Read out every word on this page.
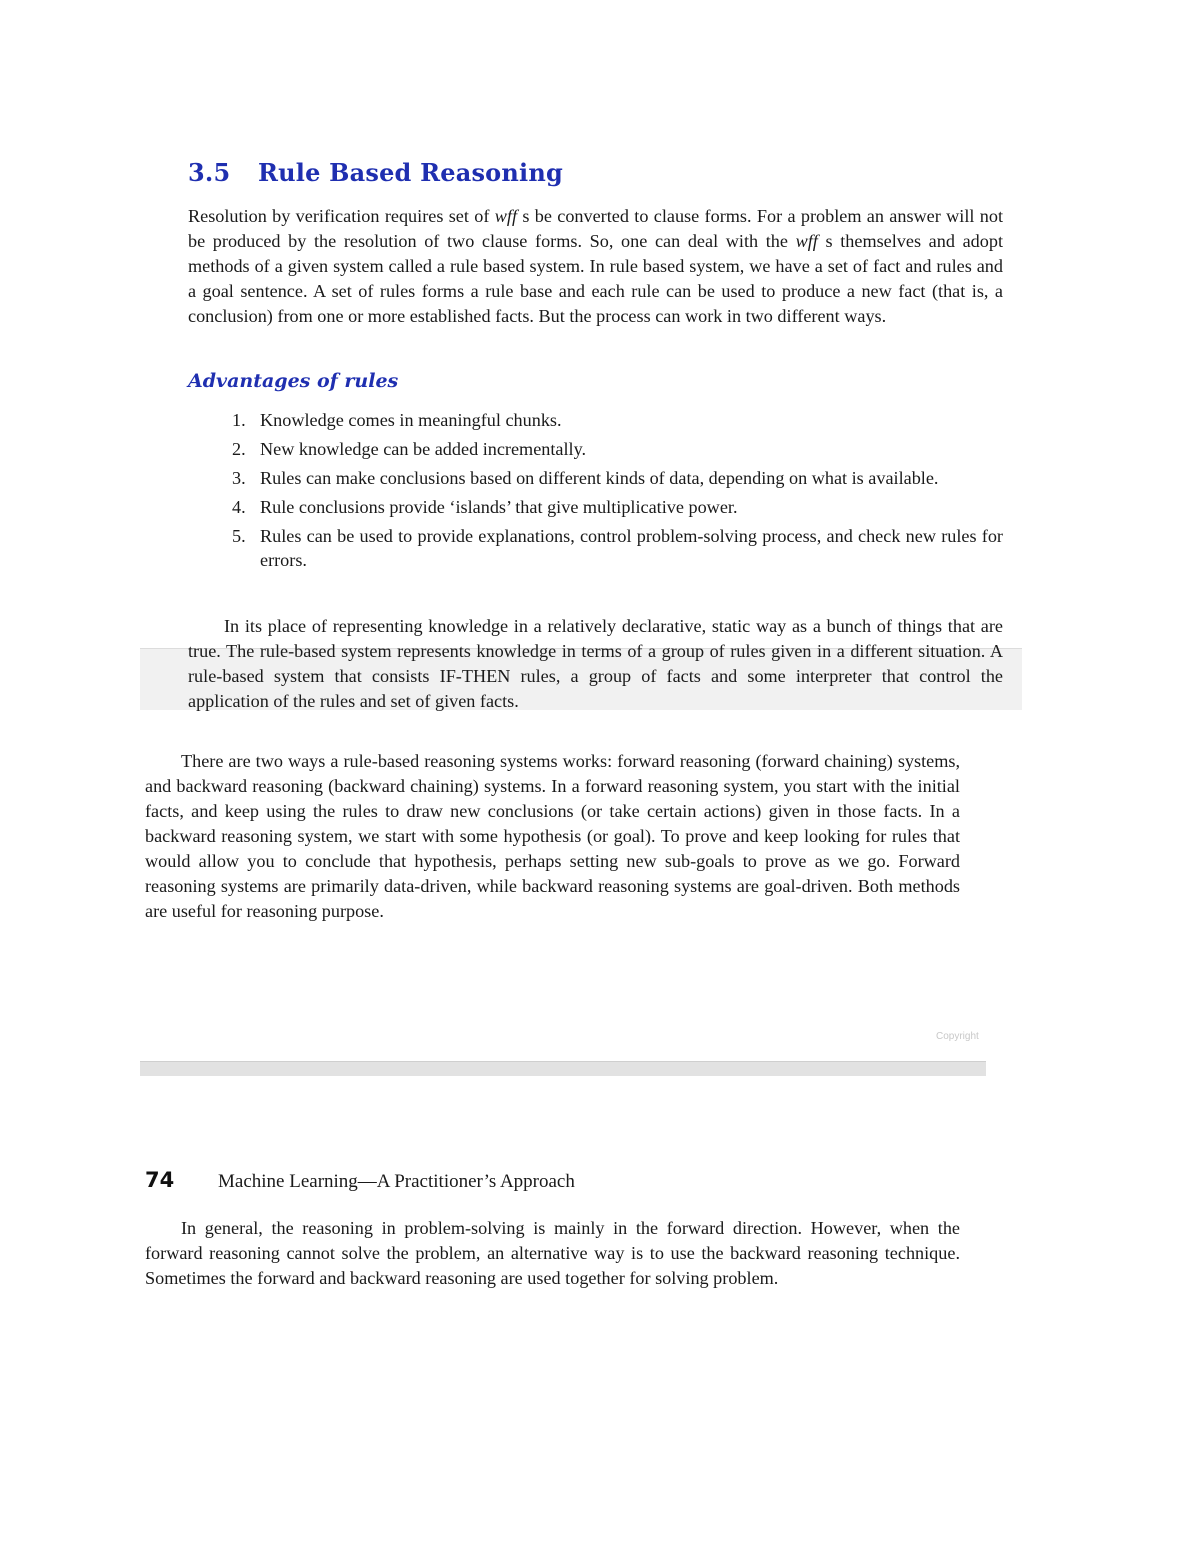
3.5 Rule Based Reasoning
Resolution by verification requires set of wff s be converted to clause forms. For a problem an answer will not be produced by the resolution of two clause forms. So, one can deal with the wff s themselves and adopt methods of a given system called a rule based system. In rule based system, we have a set of fact and rules and a goal sentence. A set of rules forms a rule base and each rule can be used to produce a new fact (that is, a conclusion) from one or more established facts. But the process can work in two different ways.
Advantages of rules
1. Knowledge comes in meaningful chunks.
2. New knowledge can be added incrementally.
3. Rules can make conclusions based on different kinds of data, depending on what is available.
4. Rule conclusions provide ‘islands’ that give multiplicative power.
5. Rules can be used to provide explanations, control problem-solving process, and check new rules for errors.
In its place of representing knowledge in a relatively declarative, static way as a bunch of things that are true. The rule-based system represents knowledge in terms of a group of rules given in a different situation. A rule-based system that consists IF-THEN rules, a group of facts and some interpreter that control the application of the rules and set of given facts.
There are two ways a rule-based reasoning systems works: forward reasoning (forward chaining) systems, and backward reasoning (backward chaining) systems. In a forward reasoning system, you start with the initial facts, and keep using the rules to draw new conclusions (or take certain actions) given in those facts. In a backward reasoning system, we start with some hypothesis (or goal). To prove and keep looking for rules that would allow you to conclude that hypothesis, perhaps setting new sub-goals to prove as we go. Forward reasoning systems are primarily data-driven, while backward reasoning systems are goal-driven. Both methods are useful for reasoning purpose.
Copyright
74 Machine Learning—A Practitioner’s Approach
In general, the reasoning in problem-solving is mainly in the forward direction. However, when the forward reasoning cannot solve the problem, an alternative way is to use the backward reasoning technique. Sometimes the forward and backward reasoning are used together for solving problem.
